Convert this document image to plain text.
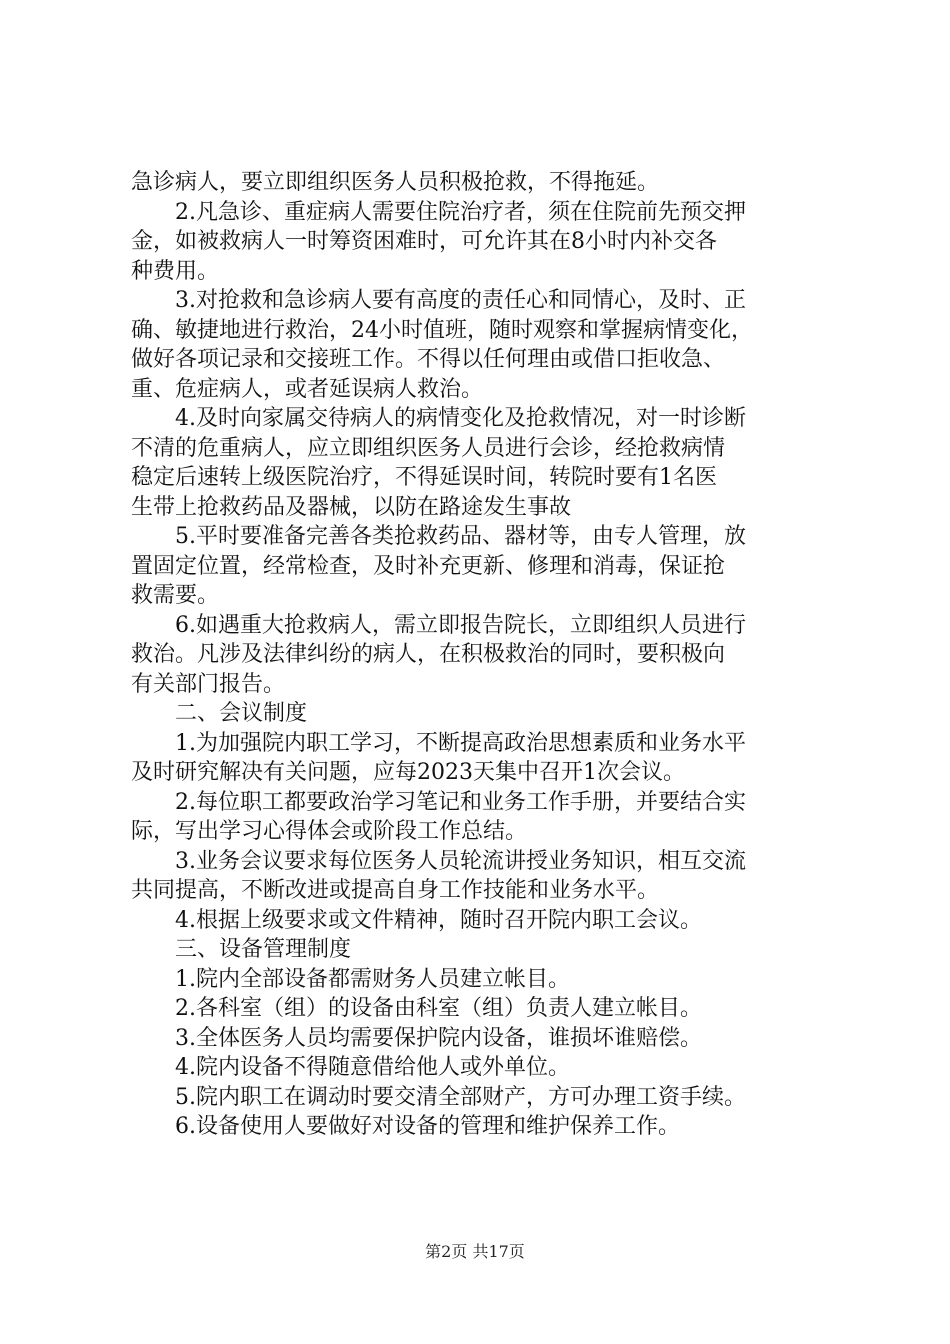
急诊病人，要立即组织医务人员积极抢救，不得拖延。
　　2.凡急诊、重症病人需要住院治疗者，须在住院前先预交押
金，如被救病人一时筹资困难时，可允许其在8小时内补交各
种费用。
　　3.对抢救和急诊病人要有高度的责任心和同情心，及时、正
确、敏捷地进行救治，24小时值班，随时观察和掌握病情变化，
做好各项记录和交接班工作。不得以任何理由或借口拒收急、
重、危症病人，或者延误病人救治。
　　4.及时向家属交待病人的病情变化及抢救情况，对一时诊断
不清的危重病人，应立即组织医务人员进行会诊，经抢救病情
稳定后速转上级医院治疗，不得延误时间，转院时要有1名医
生带上抢救药品及器械，以防在路途发生事故
　　5.平时要准备完善各类抢救药品、器材等，由专人管理，放
置固定位置，经常检查，及时补充更新、修理和消毒，保证抢
救需要。
　　6.如遇重大抢救病人，需立即报告院长，立即组织人员进行
救治。凡涉及法律纠纷的病人，在积极救治的同时，要积极向
有关部门报告。
　　二、会议制度
　　1.为加强院内职工学习，不断提高政治思想素质和业务水平
及时研究解决有关问题，应每2023天集中召开1次会议。
　　2.每位职工都要政治学习笔记和业务工作手册，并要结合实
际，写出学习心得体会或阶段工作总结。
　　3.业务会议要求每位医务人员轮流讲授业务知识，相互交流
共同提高，不断改进或提高自身工作技能和业务水平。
　　4.根据上级要求或文件精神，随时召开院内职工会议。
　　三、设备管理制度
　　1.院内全部设备都需财务人员建立帐目。
　　2.各科室（组）的设备由科室（组）负责人建立帐目。
　　3.全体医务人员均需要保护院内设备，谁损坏谁赔偿。
　　4.院内设备不得随意借给他人或外单位。
　　5.院内职工在调动时要交清全部财产，方可办理工资手续。
　　6.设备使用人要做好对设备的管理和维护保养工作。
第2页 共17页
